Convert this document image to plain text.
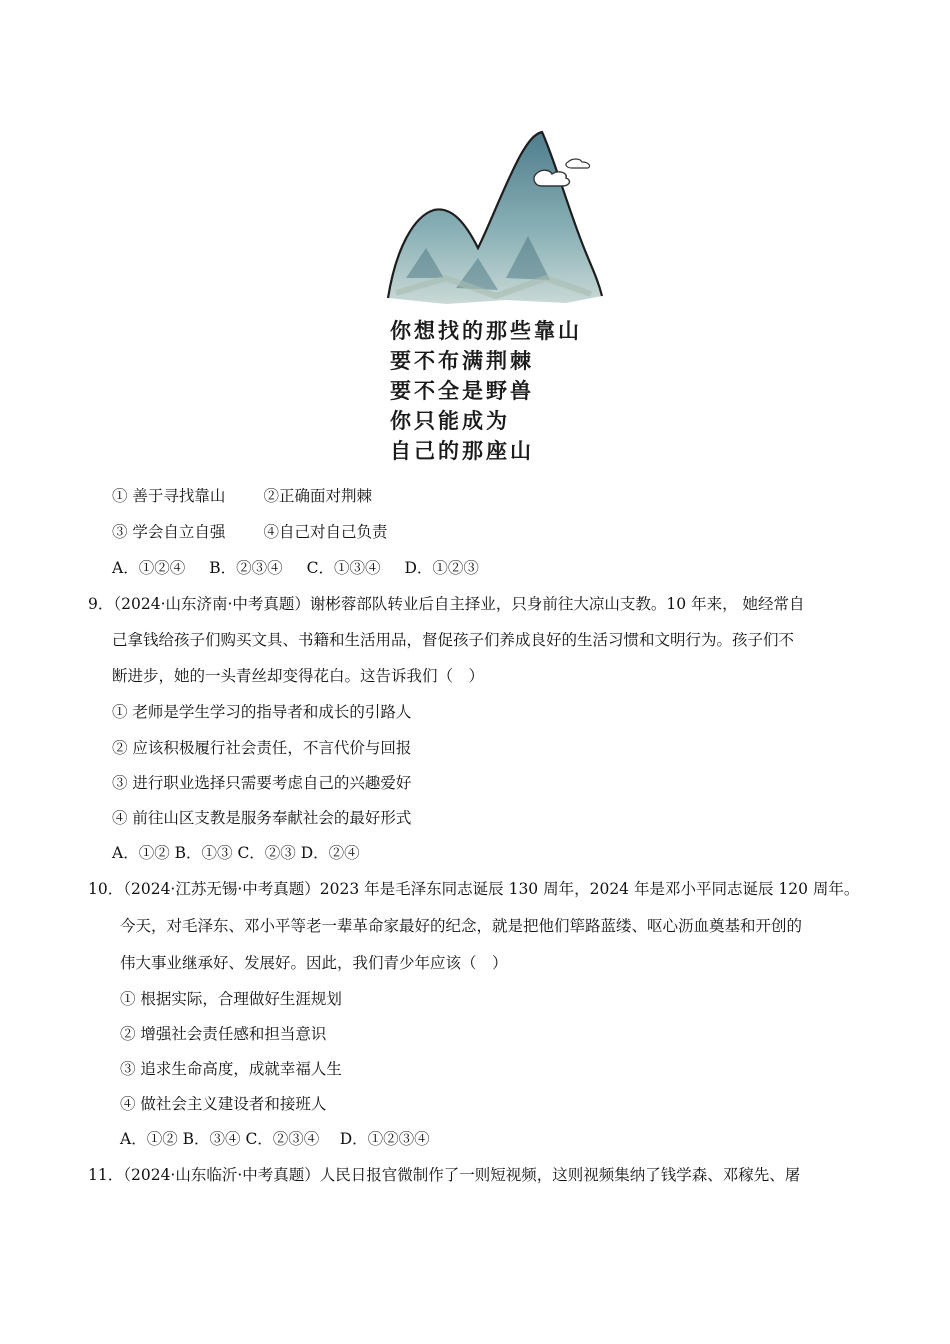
你想找的那些靠山
要不布满荆棘
要不全是野兽
你只能成为
自己的那座山
① 善于寻找靠山 ②正确面对荆棘
③ 学会自立自强 ④自己对自己负责
A．①②④ B．②③④ C．①③④ D．①②③
9．（2024·山东济南·中考真题）谢彬蓉部队转业后自主择业，只身前往大凉山支教。10 年来， 她经常自
己拿钱给孩子们购买文具、书籍和生活用品，督促孩子们养成良好的生活习惯和文明行为。孩子们不
断进步，她的一头青丝却变得花白。这告诉我们（　）
① 老师是学生学习的指导者和成长的引路人
② 应该积极履行社会责任，不言代价与回报
③ 进行职业选择只需要考虑自己的兴趣爱好
④ 前往山区支教是服务奉献社会的最好形式
A．①② B．①③ C．②③ D．②④
10．（2024·江苏无锡·中考真题）2023 年是毛泽东同志诞辰 130 周年，2024 年是邓小平同志诞辰 120 周年。
今天，对毛泽东、邓小平等老一辈革命家最好的纪念，就是把他们筚路蓝缕、呕心沥血奠基和开创的
伟大事业继承好、发展好。因此，我们青少年应该（　）
① 根据实际，合理做好生涯规划
② 增强社会责任感和担当意识
③ 追求生命高度，成就幸福人生
④ 做社会主义建设者和接班人
A．①② B．③④ C．②③④　 D．①②③④
11．（2024·山东临沂·中考真题）人民日报官微制作了一则短视频，这则视频集纳了钱学森、邓稼先、屠
